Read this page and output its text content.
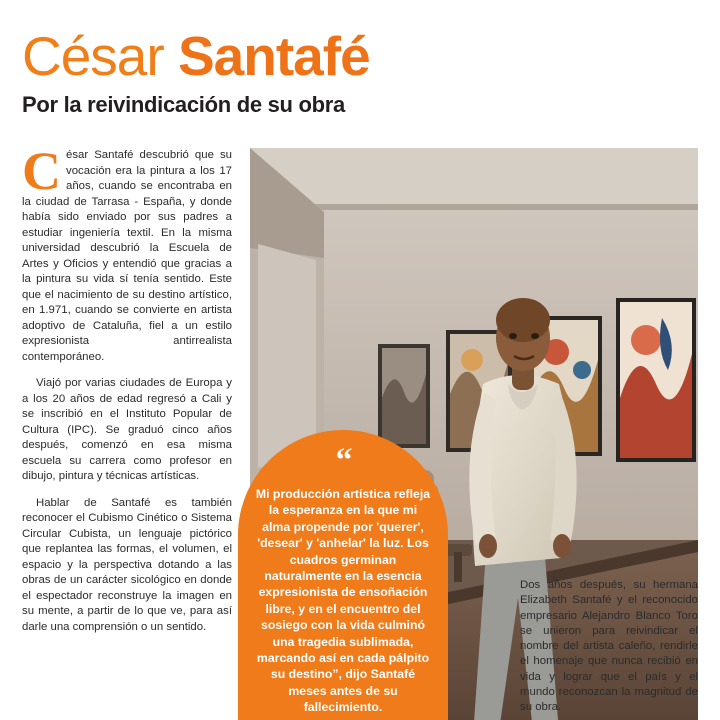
César Santafé
Por la reivindicación de su obra

César Santafé descubrió que su vocación era la pintura a los 17 años, cuando se encontraba en la ciudad de Tarrasa - España, y donde había sido enviado por sus padres a estudiar ingeniería textil. En la misma universidad descubrió la Escuela de Artes y Oficios y entendió que gracias a la pintura su vida sí tenía sentido. Este que el nacimiento de su destino artístico, en 1.971, cuando se convierte en artista adoptivo de Cataluña, fiel a un estilo expresionista antirrealista contemporáneo.

Viajó por varias ciudades de Europa y a los 20 años de edad regresó a Cali y se inscribió en el Instituto Popular de Cultura (IPC). Se graduó cinco años después, comenzó en esa misma escuela su carrera como profesor en dibujo, pintura y técnicas artísticas.

Hablar de Santafé es también reconocer el Cubismo Cinético o Sistema Circular Cubista, un lenguaje pictórico que replantea las formas, el volumen, el espacio y la perspectiva dotando a las obras de un carácter sicológico en donde el espectador reconstruye la imagen en su mente, a partir de lo que ve, para así darle una comprensión o un sentido.

“
Mi producción artística refleja la esperanza en la que mi alma propende por 'querer', 'desear' y 'anhelar' la luz. Los cuadros germinan naturalmente en la esencia expresionista de ensoñación libre, y en el encuentro del sosiego con la vida culminó una tragedia sublimada, marcando así en cada pálpito su destino”, dijo Santafé meses antes de su fallecimiento.

Dos años después, su hermana Elizabeth Santafé y el reconocido empresario Alejandro Blanco Toro se unieron para reivindicar el nombre del artista caleño, rendirle el homenaje que nunca recibió en vida y lograr que el país y el mundo reconozcan la magnitud de su obra.
